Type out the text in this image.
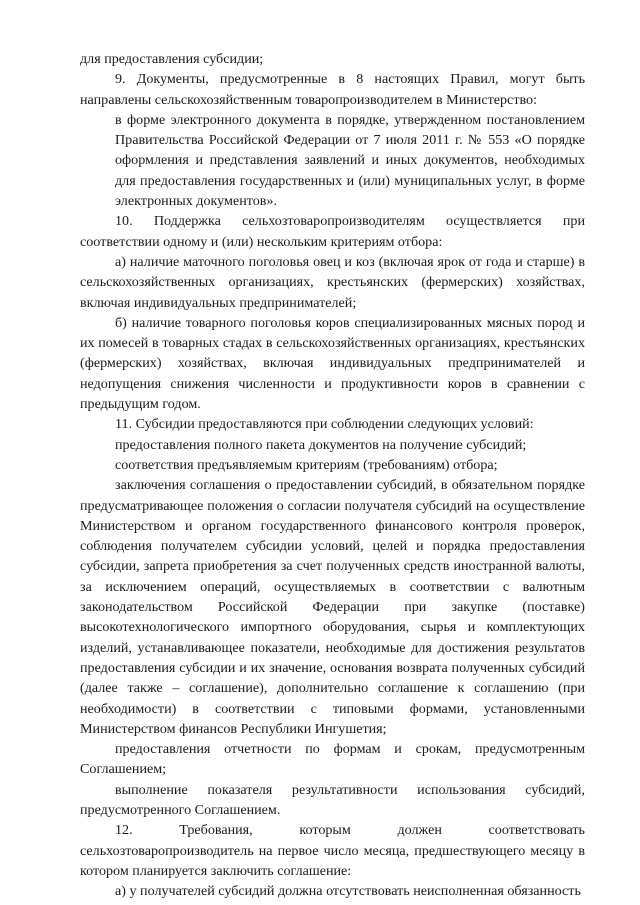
для предоставления субсидии;

9. Документы, предусмотренные в 8 настоящих Правил, могут быть направлены сельскохозяйственным товаропроизводителем в Министерство:

в форме электронного документа в порядке, утвержденном постановлением Правительства Российской Федерации от 7 июля 2011 г. № 553 «О порядке оформления и представления заявлений и иных документов, необходимых для предоставления государственных и (или) муниципальных услуг, в форме электронных документов».

10. Поддержка сельхозтоваропроизводителям осуществляется при соответствии одному и (или) нескольким критериям отбора:

а) наличие маточного поголовья овец и коз (включая ярок от года и старше) в сельскохозяйственных организациях, крестьянских (фермерских) хозяйствах, включая индивидуальных предпринимателей;

б) наличие товарного поголовья коров специализированных мясных пород и их помесей в товарных стадах в сельскохозяйственных организациях, крестьянских (фермерских) хозяйствах, включая индивидуальных предпринимателей и недопущения снижения численности и продуктивности коров в сравнении с предыдущим годом.

11. Субсидии предоставляются при соблюдении следующих условий:

предоставления полного пакета документов на получение субсидий;

соответствия предъявляемым критериям (требованиям) отбора;

заключения соглашения о предоставлении субсидий, в обязательном порядке предусматривающее положения о согласии получателя субсидий на осуществление Министерством и органом государственного финансового контроля проверок, соблюдения получателем субсидии условий, целей и порядка предоставления субсидии, запрета приобретения за счет полученных средств иностранной валюты, за исключением операций, осуществляемых в соответствии с валютным законодательством Российской Федерации при закупке (поставке) высокотехнологического импортного оборудования, сырья и комплектующих изделий, устанавливающее показатели, необходимые для достижения результатов предоставления субсидии и их значение, основания возврата полученных субсидий (далее также – соглашение), дополнительно соглашение к соглашению (при необходимости) в соответствии с типовыми формами, установленными Министерством финансов Республики Ингушетия;

предоставления отчетности по формам и срокам, предусмотренным Соглашением;

выполнение показателя результативности использования субсидий, предусмотренного Соглашением.

12. Требования, которым должен соответствовать сельхозтоваропроизводитель на первое число месяца, предшествующего месяцу в котором планируется заключить соглашение:

а) у получателей субсидий должна отсутствовать неисполненная обязанность
